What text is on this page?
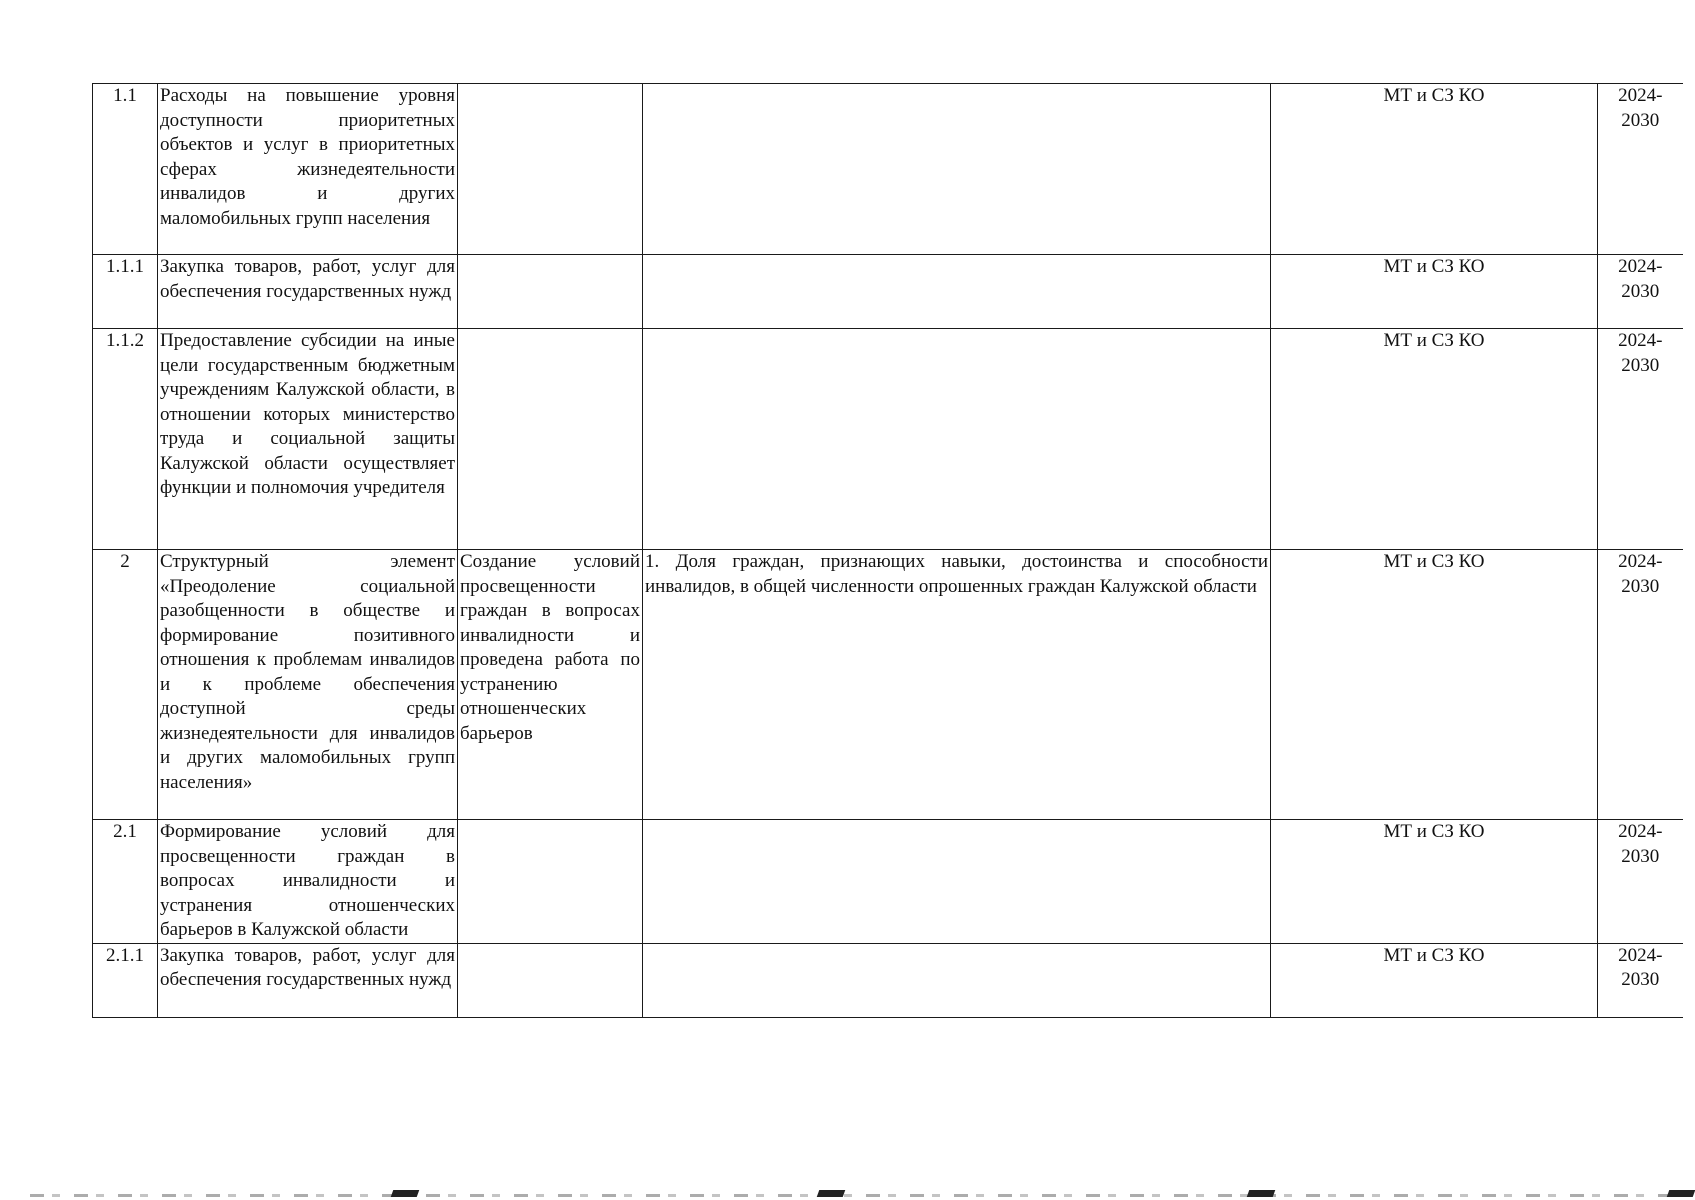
1.1	Расходы на повышение уровня доступности приоритетных объектов и услуг в приоритетных сферах жизнедеятельности инвалидов и других маломобильных групп населения			МТ и СЗ КО	2024-
2030

1.1.1	Закупка товаров, работ, услуг для обеспечения государственных нужд			МТ и СЗ КО	2024-
2030

1.1.2	Предоставление субсидии на иные цели государственным бюджетным учреждениям Калужской области, в отношении которых министерство труда и социальной защиты Калужской области осуществляет функции и полномочия учредителя			МТ и СЗ КО	2024-
2030

2	Структурный элемент «Преодоление социальной разобщенности в обществе и формирование позитивного отношения к проблемам инвалидов и к проблеме обеспечения доступной среды жизнедеятельности для инвалидов и других маломобильных групп населения»	Создание условий просвещенности граждан в вопросах инвалидности и проведена работа по устранению отношенческих барьеров	1. Доля граждан, признающих навыки, достоинства и способности инвалидов, в общей численности опрошенных граждан Калужской области	МТ и СЗ КО	2024-
2030

2.1	Формирование условий для просвещенности граждан в вопросах инвалидности и устранения отношенческих барьеров в Калужской области			МТ и СЗ КО	2024-
2030

2.1.1	Закупка товаров, работ, услуг для обеспечения государственных нужд			МТ и СЗ КО	2024-
2030
